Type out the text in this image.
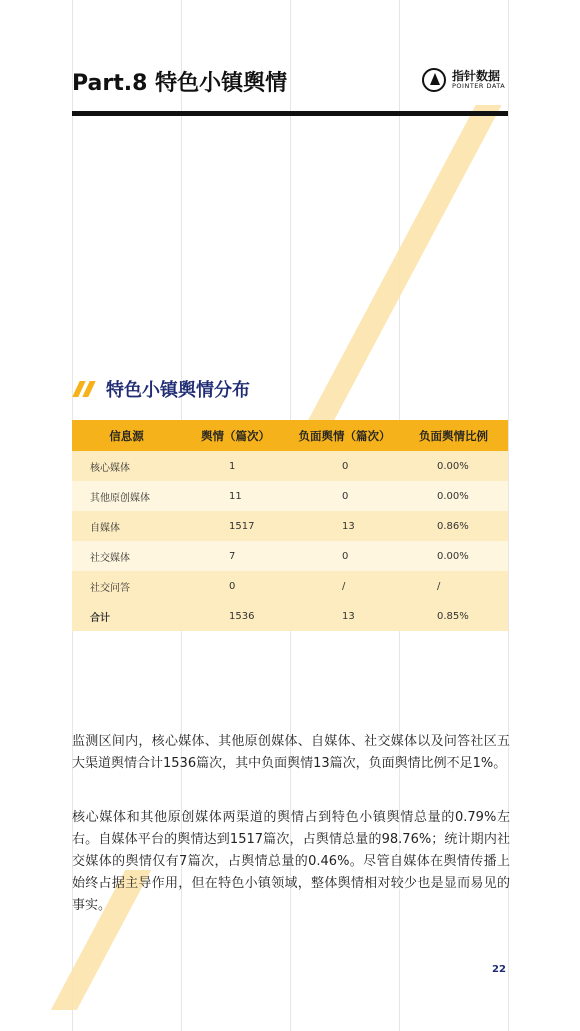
Part.8 特色小镇舆情	指针数据
POINTER DATA
特色小镇舆情分布
信息源	舆情（篇次）	负面舆情（篇次）	负面舆情比例
核心媒体	1	0	0.00%
其他原创媒体	11	0	0.00%
自媒体	1517	13	0.86%
社交媒体	7	0	0.00%
社交问答	0	/	/
合计	1536	13	0.85%

监测区间内，核心媒体、其他原创媒体、自媒体、社交媒体以及问答社区五大渠道舆情合计1536篇次，其中负面舆情13篇次，负面舆情比例不足1%。

核心媒体和其他原创媒体两渠道的舆情占到特色小镇舆情总量的0.79%左右。自媒体平台的舆情达到1517篇次，占舆情总量的98.76%；统计期内社交媒体的舆情仅有7篇次，占舆情总量的0.46%。尽管自媒体在舆情传播上始终占据主导作用，但在特色小镇领域，整体舆情相对较少也是显而易见的事实。

22
